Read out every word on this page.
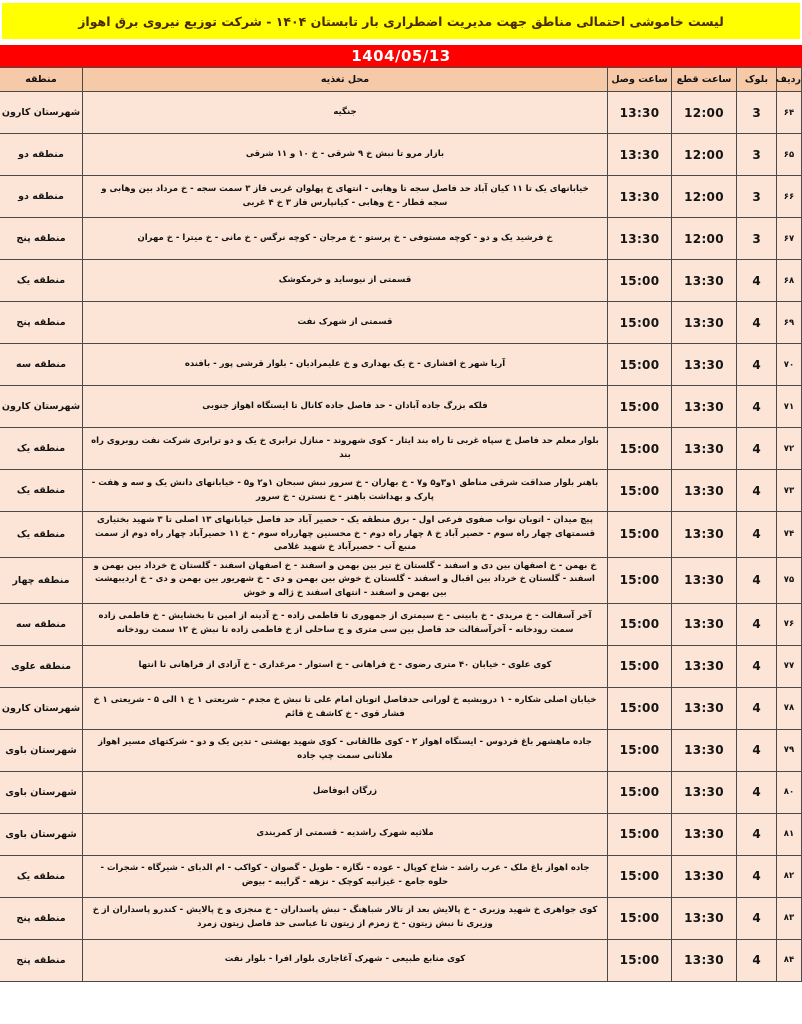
لیست خاموشی احتمالی مناطق جهت مدیریت اضطراری بار تابستان ۱۴۰۴ - شرکت توزیع نیروی برق اهواز
1404/05/13
ردیف	بلوک	ساعت قطع	ساعت وصل	محل تغذیه	منطقه
۶۴	3	12:00	13:30	جنگیه	شهرستان کارون
۶۵	3	12:00	13:30	بازار مرو تا نبش خ ۹ شرقی - خ ۱۰ و ۱۱ شرقی	منطقه دو
۶۶	3	12:00	13:30	خیابانهای یک تا ۱۱ کیان آباد حد فاصل سجه تا وهابی - انتهای خ پهلوان غربی فاز ۳ سمت سجه - خ مرداد بین وهابی و سجه قطار - خ وهابی - کیانپارس فاز ۳ خ ۴ غربی	منطقه دو
۶۷	3	12:00	13:30	خ فرشید یک و دو - کوچه مستوفی - خ پرستو - خ مرجان - کوچه نرگس - خ مانی - خ میترا - خ مهران	منطقه پنج
۶۸	4	13:30	15:00	قسمتی از نیوساید و خرمکوشک	منطقه یک
۶۹	4	13:30	15:00	قسمتی از شهرک نفت	منطقه پنج
۷۰	4	13:30	15:00	آریا شهر خ افشاری - خ یک بهداری و خ علیمرادیان - بلوار قرشی پور - بافنده	منطقه سه
۷۱	4	13:30	15:00	فلکه بزرگ جاده آبادان - حد فاصل جاده کانال تا ایستگاه اهواز جنوبی	شهرستان کارون
۷۲	4	13:30	15:00	بلوار معلم حد فاصل خ سپاه غربی تا راه بند ایثار - کوی شهروند - منازل ترابری خ یک و دو ترابری شرکت نفت روبروی راه بند	منطقه یک
۷۳	4	13:30	15:00	باهنر بلوار صداقت شرقی مناطق ۱و۳و۵ و۷ - خ بهاران - خ سرور نبش سبحان ۱و۲ و۵ - خیابانهای دانش یک و سه و هفت - پارک و بهداشت باهنر - خ نسترن - خ سرور	منطقه یک
۷۴	4	13:30	15:00	پیچ میدان - اتوبان نواب صفوی فرعی اول - برق منطقه یک - حصیر آباد حد فاصل خیابانهای ۱۳ اصلی تا ۳ شهید بختیاری قسمتهای چهار راه سوم - حصیر آباد خ ۸ چهار راه دوم - خ محسنین چهارراه سوم - خ ۱۱ حصیرآباد چهار راه دوم از سمت منبع آب - حصیرآباد خ شهید غلامی	منطقه یک
۷۵	4	13:30	15:00	خ بهمن - خ اصفهان بین دی و اسفند - گلستان خ تیر بین بهمن و اسفند - خ اصفهان اسفند - گلستان خ خرداد بین بهمن و اسفند - گلستان خ خرداد بین اقبال و اسفند - گلستان خ خوش بین بهمن و دی - خ شهریور بین بهمن و دی - خ اردیبهشت بین بهمن و اسفند - انتهای اسفند خ ژاله و خوش	منطقه چهار
۷۶	4	13:30	15:00	آخر آسفالت - خ مریدی - خ بابینی - خ سیمتری از جمهوری تا فاطمی زاده - خ آدینه از امین تا بخشایش - خ فاطمی زاده سمت رودخانه - آخرآسفالت حد فاصل بین سی متری و ج ساحلی از خ فاطمی زاده تا نبش خ ۱۲ سمت رودخانه	منطقه سه
۷۷	4	13:30	15:00	کوی علوی - خیابان ۴۰ متری رضوی - خ فراهانی - خ استوار - مرغداری - خ آزادی از فراهانی تا انتها	منطقه علوی
۷۸	4	13:30	15:00	خیابان اصلی شکاره - ۱ درویشیه خ لورانی حدفاصل اتوبان امام علی تا نبش خ مجدم - شریعتی ۱ خ ۱ الی ۵ - شریعتی ۱ خ فشار قوی - خ کاشف خ قائم	شهرستان کارون
۷۹	4	13:30	15:00	جاده ماهشهر باغ فردوس - ایستگاه اهواز ۲ - کوی طالقانی - کوی شهید بهشتی - تدین یک و دو - شرکتهای مسیر اهواز ملاثانی سمت چپ جاده	شهرستان باوی
۸۰	4	13:30	15:00	زرگان ابوفاضل	شهرستان باوی
۸۱	4	13:30	15:00	ملاثیه شهرک راشدیه - قسمتی از کمربندی	شهرستان باوی
۸۲	4	13:30	15:00	جاده اهواز باغ ملک - عرب راشد - شاخ کوپال - عوده - نگازه - طویل - گصوان - کواکب - ام الدبای - شیرگاه - شجرات - حلوه جامع - غیزانیه کوچک - نزهه - گرایبه - بیوض	منطقه یک
۸۳	4	13:30	15:00	کوی جواهری خ شهید وزیری - خ پالایش بعد از تالار شباهنگ - نبش پاسداران - خ منجزی و خ پالایش - کندرو پاسداران از خ وزیری تا نبش زیتون - خ زمزم از زیتون تا عباسی حد فاصل زیتون زمرد	منطقه پنج
۸۴	4	13:30	15:00	کوی منابع طبیعی - شهرک آغاجاری بلوار افرا - بلوار نفت	منطقه پنج
